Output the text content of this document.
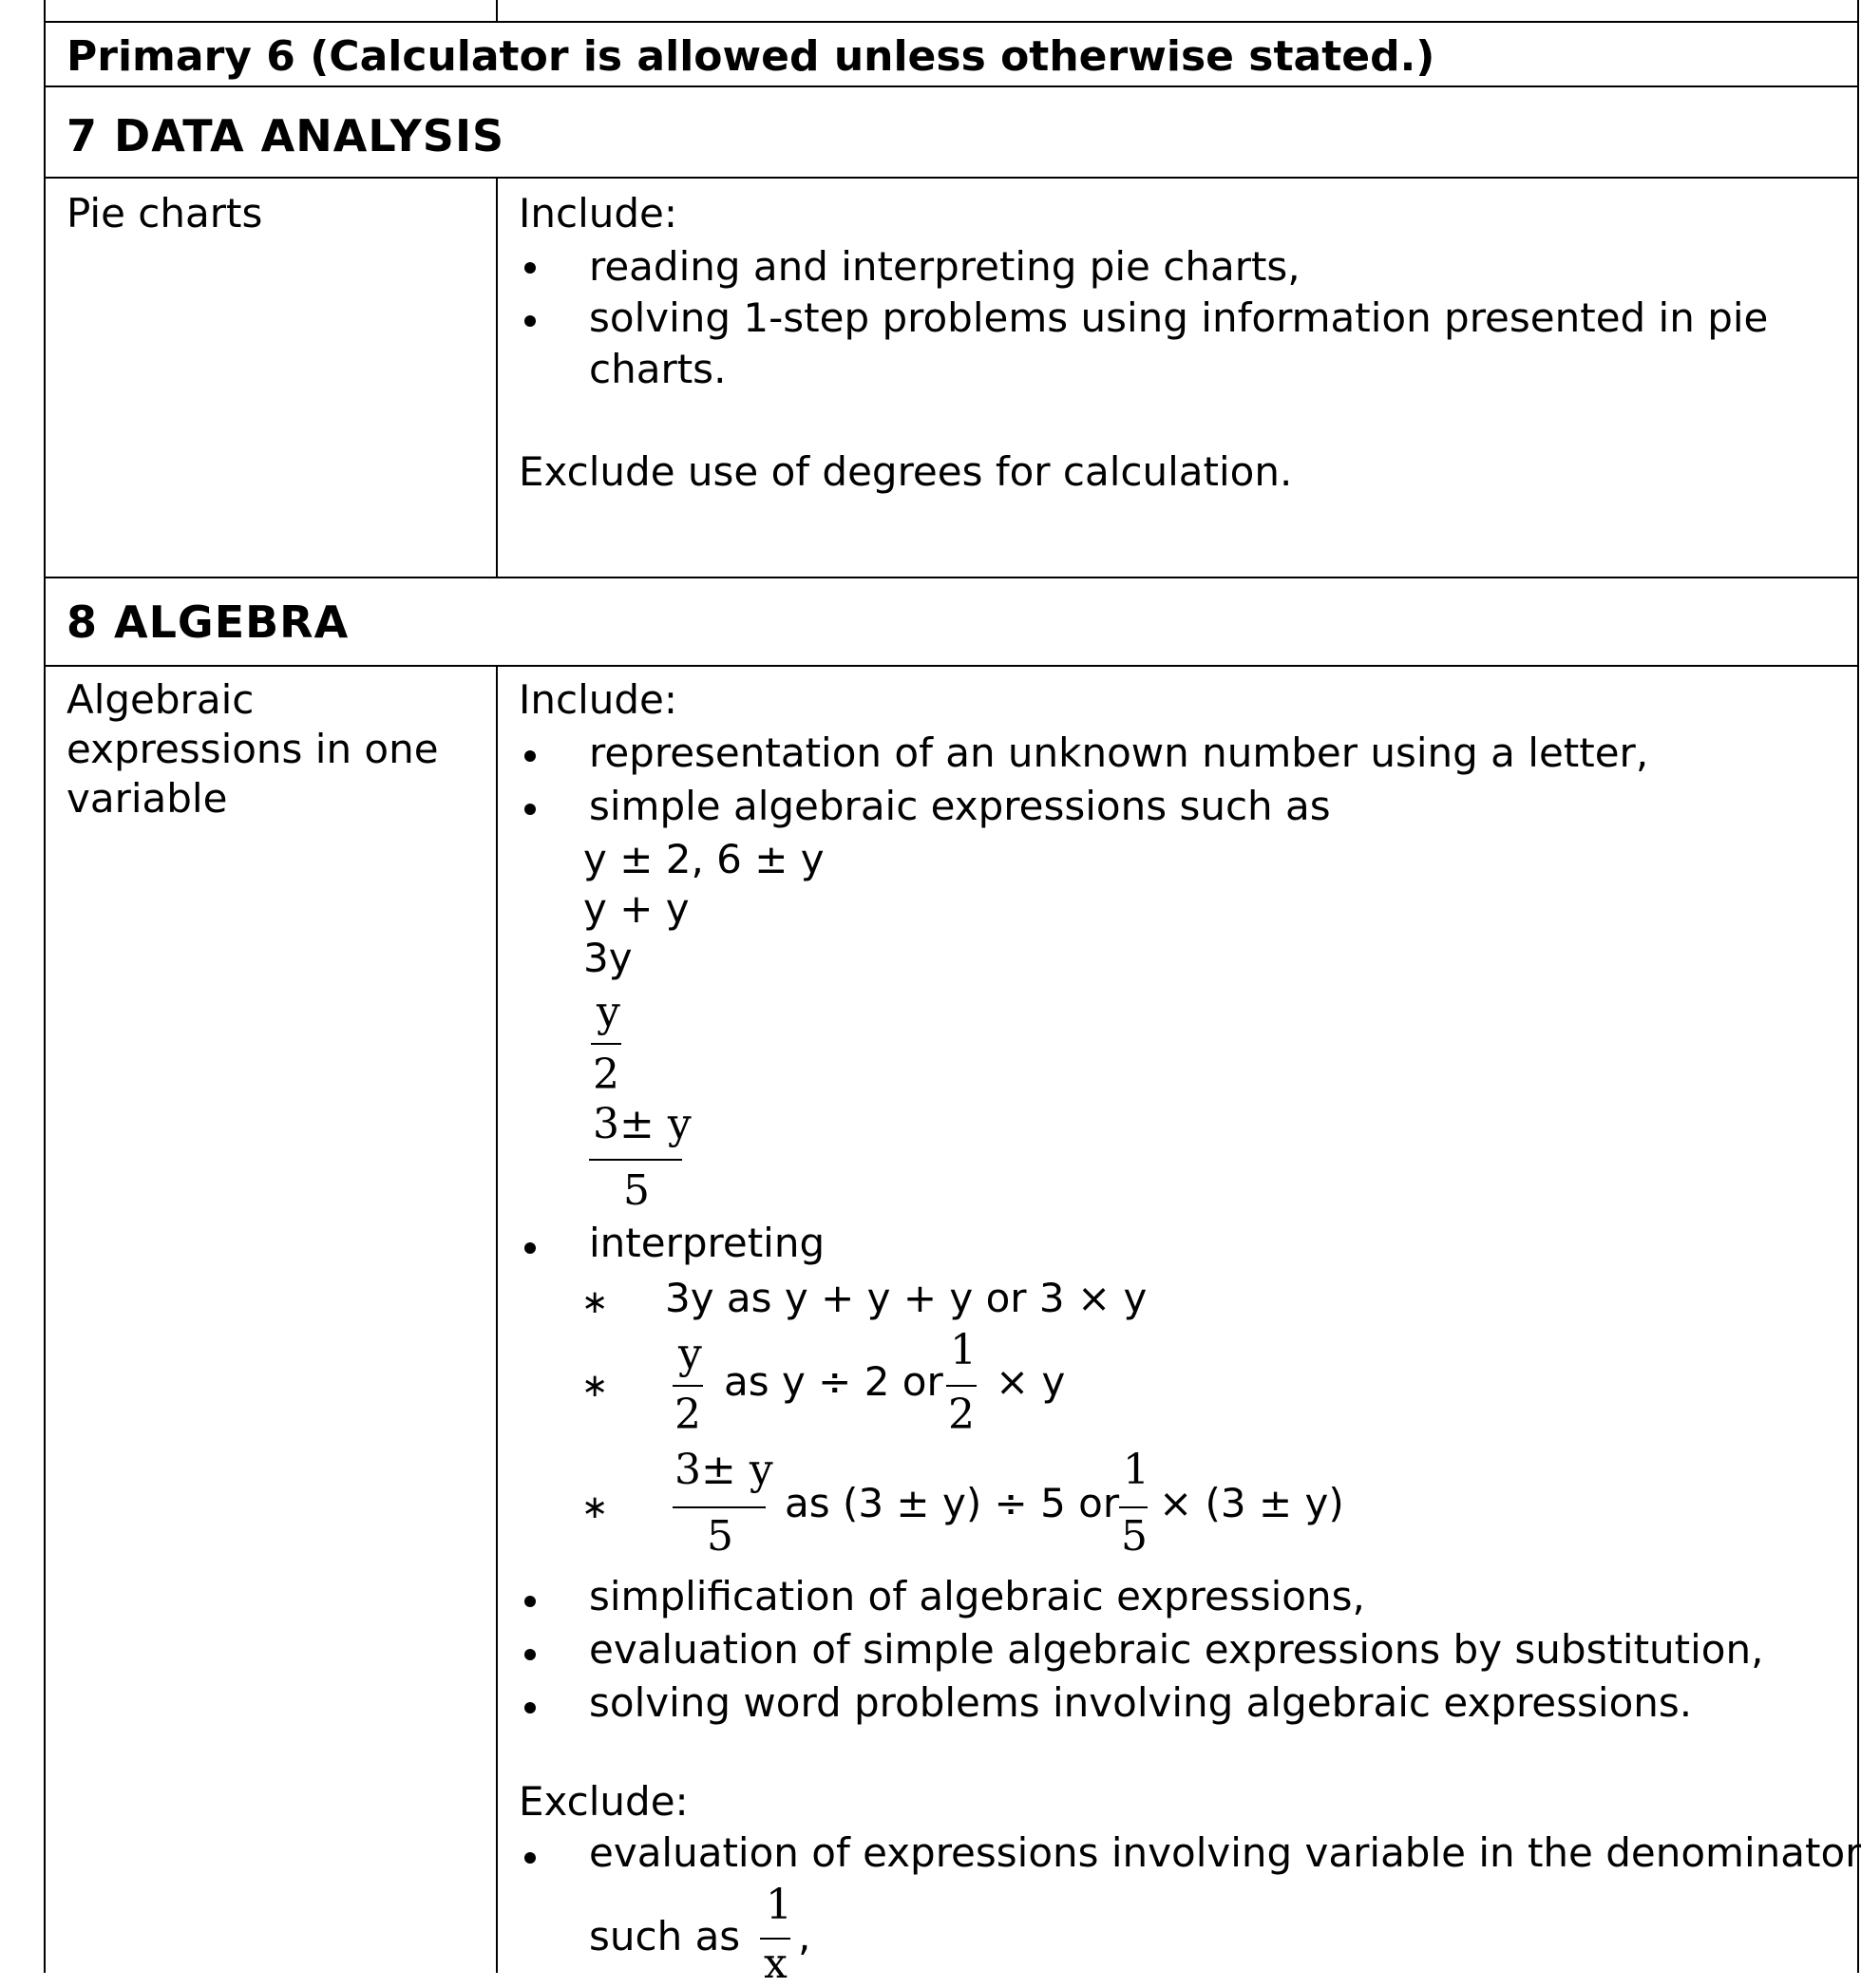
Primary 6 (Calculator is allowed unless otherwise stated.)
7 DATA ANALYSIS
Pie charts	Include:
reading and interpreting pie charts,
solving 1-step problems using information presented in pie
charts.
Exclude use of degrees for calculation.
8 ALGEBRA
Algebraic
expressions in one
variable
Include:
representation of an unknown number using a letter,
simple algebraic expressions such as
y ± 2, 6 ± y
y + y
3y
y
2
3± y
5
interpreting
∗ 3y as y + y + y or 3 × y
∗
y
2
as y ÷ 2 or
1
2
× y
∗
3± y
5
as (3 ± y) ÷ 5 or
1
5
× (3 ± y)
simplification of algebraic expressions,
evaluation of simple algebraic expressions by substitution,
solving word problems involving algebraic expressions.
Exclude:
evaluation of expressions involving variable in the denominator
such as
1
x
,
